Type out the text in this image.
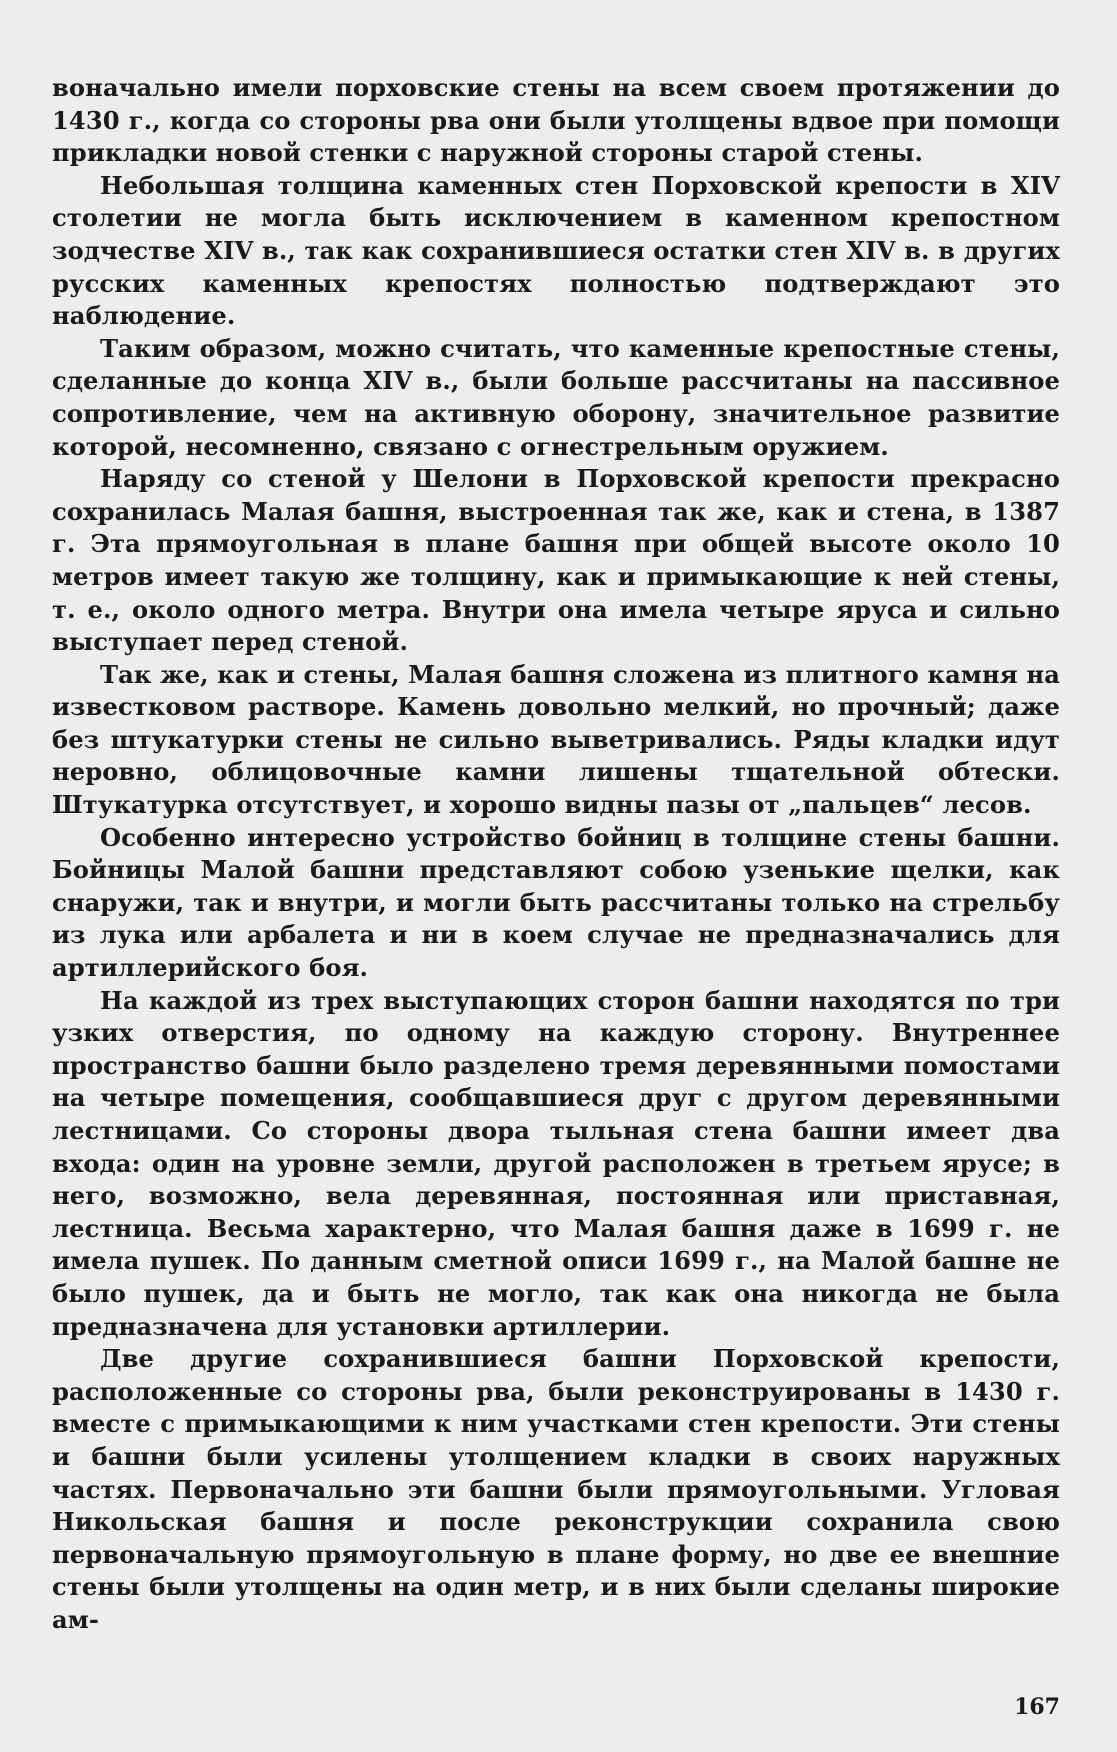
воначально имели порховские стены на всем своем протяжении до 1430 г., когда со стороны рва они были утолщены вдвое при помощи прикладки новой стенки с наружной стороны старой стены.

Небольшая толщина каменных стен Порховской крепости в XIV столетии не могла быть исключением в каменном крепостном зодчестве XIV в., так как сохранившиеся остатки стен XIV в. в других русских каменных крепостях полностью подтверждают это наблюдение.

Таким образом, можно считать, что каменные крепостные стены, сделанные до конца XIV в., были больше рассчитаны на пассивное сопротивление, чем на активную оборону, значительное развитие которой, несомненно, связано с огнестрельным оружием.

Наряду со стеной у Шелони в Порховской крепости прекрасно сохранилась Малая башня, выстроенная так же, как и стена, в 1387 г. Эта прямоугольная в плане башня при общей высоте около 10 метров имеет такую же толщину, как и примыкающие к ней стены, т. е., около одного метра. Внутри она имела четыре яруса и сильно выступает перед стеной.

Так же, как и стены, Малая башня сложена из плитного камня на известковом растворе. Камень довольно мелкий, но прочный; даже без штукатурки стены не сильно выветривались. Ряды кладки идут неровно, облицовочные камни лишены тщательной обтески. Штукатурка отсутствует, и хорошо видны пазы от „пальцев“ лесов.

Особенно интересно устройство бойниц в толщине стены башни. Бойницы Малой башни представляют собою узенькие щелки, как снаружи, так и внутри, и могли быть рассчитаны только на стрельбу из лука или арбалета и ни в коем случае не предназначались для артиллерийского боя.

На каждой из трех выступающих сторон башни находятся по три узких отверстия, по одному на каждую сторону. Внутреннее пространство башни было разделено тремя деревянными помостами на четыре помещения, сообщавшиеся друг с другом деревянными лестницами. Со стороны двора тыльная стена башни имеет два входа: один на уровне земли, другой расположен в третьем ярусе; в него, возможно, вела деревянная, постоянная или приставная, лестница. Весьма характерно, что Малая башня даже в 1699 г. не имела пушек. По данным сметной описи 1699 г., на Малой башне не было пушек, да и быть не могло, так как она никогда не была предназначена для установки артиллерии.

Две другие сохранившиеся башни Порховской крепости, расположенные со стороны рва, были реконструированы в 1430 г. вместе с примыкающими к ним участками стен крепости. Эти стены и башни были усилены утолщением кладки в своих наружных частях. Первоначально эти башни были прямоугольными. Угловая Никольская башня и после реконструкции сохранила свою первоначальную прямоугольную в плане форму, но две ее внешние стены были утолщены на один метр, и в них были сделаны широкие ам-

167
